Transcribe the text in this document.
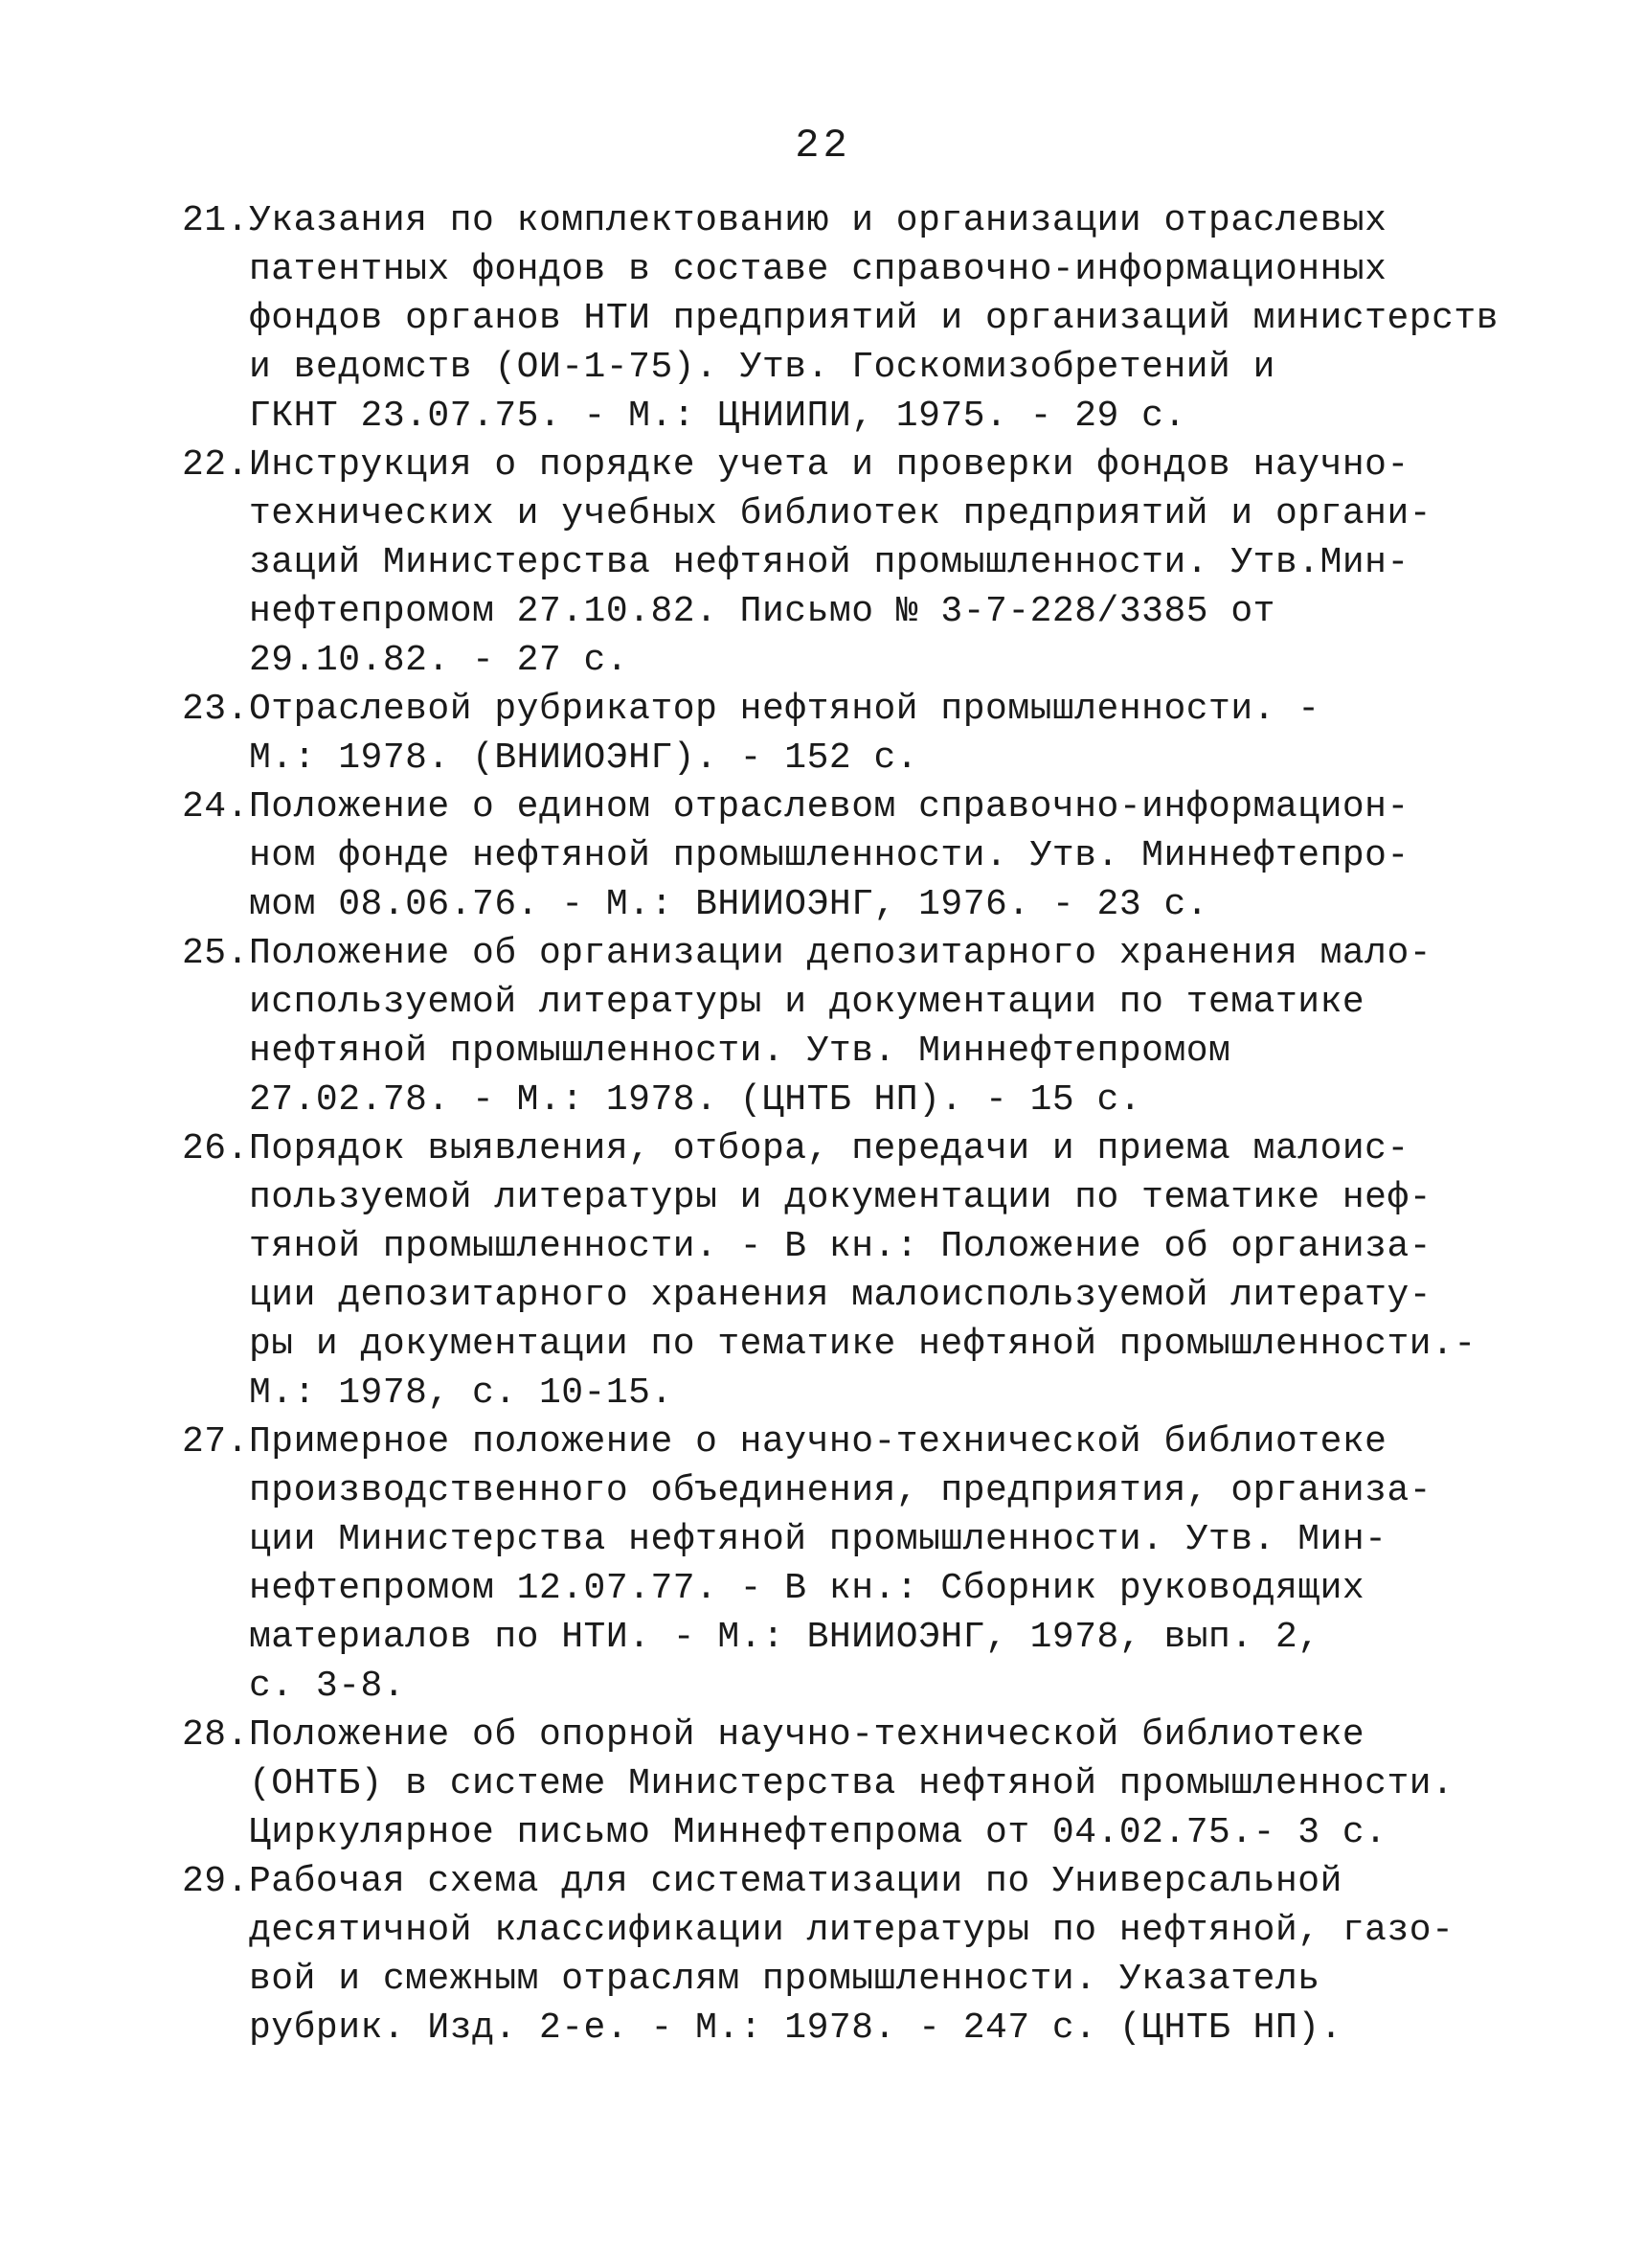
22
21. Указания по комплектованию и организации отраслевых
патентных фондов в составе справочно-информационных
фондов органов НТИ предприятий и организаций министерств
и ведомств (ОИ-1-75). Утв. Госкомизобретений и
ГКНТ 23.07.75. - М.: ЦНИИПИ, 1975. - 29 с.
22. Инструкция о порядке учета и проверки фондов научно-
технических и учебных библиотек предприятий и органи-
заций Министерства нефтяной промышленности. Утв.Мин-
нефтепромом 27.10.82. Письмо № 3-7-228/3385 от
29.10.82. - 27 с.
23. Отраслевой рубрикатор нефтяной промышленности. -
М.: 1978. (ВНИИОЭНГ). - 152 с.
24. Положение о едином отраслевом справочно-информацион-
ном фонде нефтяной промышленности. Утв. Миннефтепро-
мом 08.06.76. - М.: ВНИИОЭНГ, 1976. - 23 с.
25. Положение об организации депозитарного хранения мало-
используемой литературы и документации по тематике
нефтяной промышленности. Утв. Миннефтепромом
27.02.78. - М.: 1978. (ЦНТБ НП). - 15 с.
26. Порядок выявления, отбора, передачи и приема малоис-
пользуемой литературы и документации по тематике неф-
тяной промышленности. - В кн.: Положение об организа-
ции депозитарного хранения малоиспользуемой литерату-
ры и документации по тематике нефтяной промышленности.-
М.: 1978, с. 10-15.
27. Примерное положение о научно-технической библиотеке
производственного объединения, предприятия, организа-
ции Министерства нефтяной промышленности. Утв. Мин-
нефтепромом 12.07.77. - В кн.: Сборник руководящих
материалов по НТИ. - М.: ВНИИОЭНГ, 1978, вып. 2,
с. 3-8.
28. Положение об опорной научно-технической библиотеке
(ОНТБ) в системе Министерства нефтяной промышленности.
Циркулярное письмо Миннефтепрома от 04.02.75.- 3 с.
29. Рабочая схема для систематизации по Универсальной
десятичной классификации литературы по нефтяной, газо-
вой и смежным отраслям промышленности. Указатель
рубрик. Изд. 2-е. - М.: 1978. - 247 с. (ЦНТБ НП).
